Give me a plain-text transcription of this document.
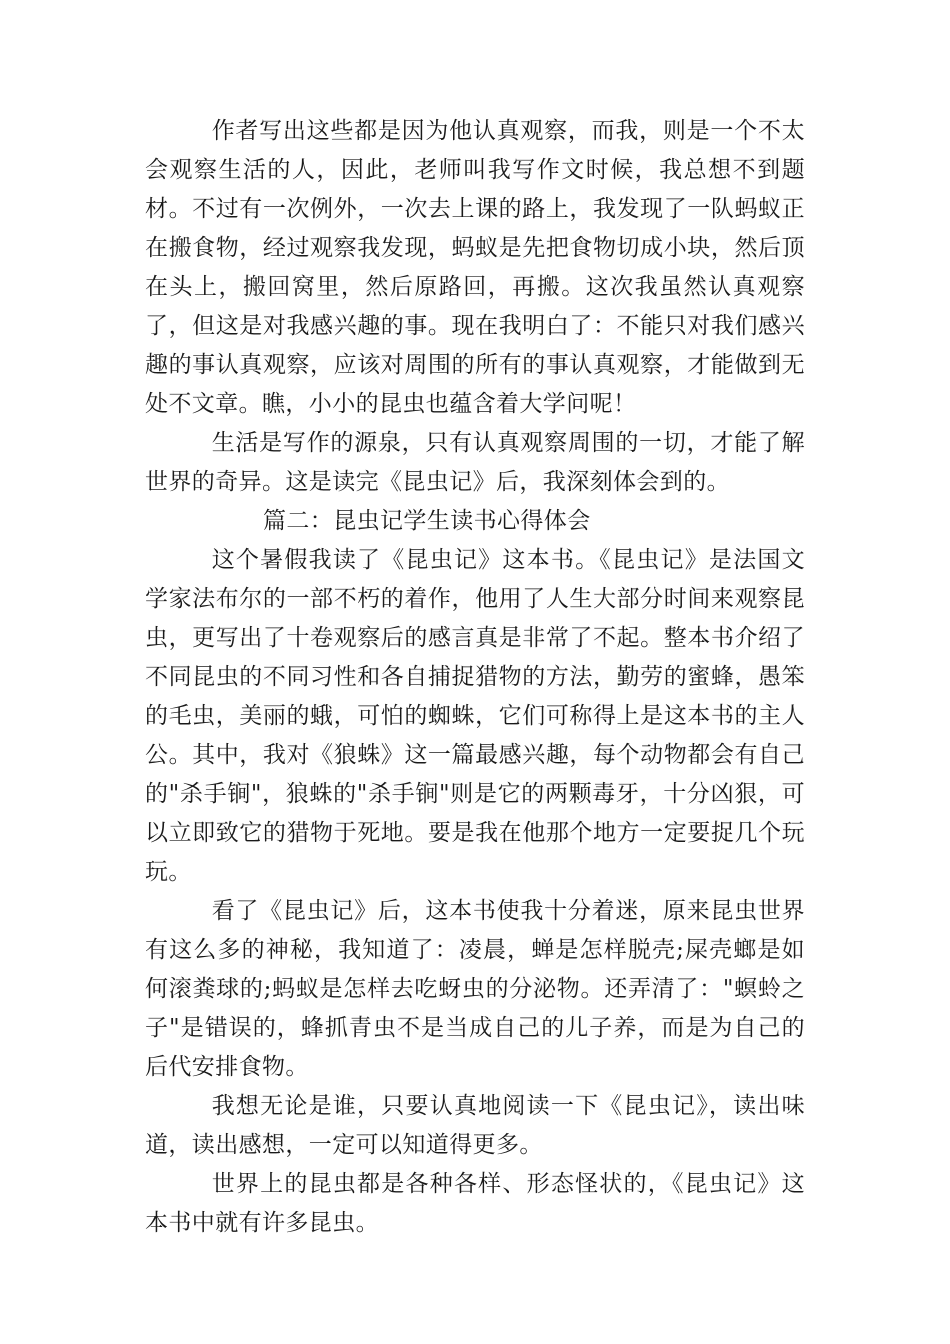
作者写出这些都是因为他认真观察，而我，则是一个不太会观察生活的人，因此，老师叫我写作文时候，我总想不到题材。不过有一次例外，一次去上课的路上，我发现了一队蚂蚁正在搬食物，经过观察我发现，蚂蚁是先把食物切成小块，然后顶在头上，搬回窝里，然后原路回，再搬。这次我虽然认真观察了，但这是对我感兴趣的事。现在我明白了：不能只对我们感兴趣的事认真观察，应该对周围的所有的事认真观察，才能做到无处不文章。瞧，小小的昆虫也蕴含着大学问呢！

生活是写作的源泉，只有认真观察周围的一切，才能了解世界的奇异。这是读完《昆虫记》后，我深刻体会到的。

篇二：昆虫记学生读书心得体会

这个暑假我读了《昆虫记》这本书。《昆虫记》是法国文学家法布尔的一部不朽的着作，他用了人生大部分时间来观察昆虫，更写出了十卷观察后的感言真是非常了不起。整本书介绍了不同昆虫的不同习性和各自捕捉猎物的方法，勤劳的蜜蜂，愚笨的毛虫，美丽的蛾，可怕的蜘蛛，它们可称得上是这本书的主人公。其中，我对《狼蛛》这一篇最感兴趣，每个动物都会有自己的"杀手锏"，狼蛛的"杀手锏"则是它的两颗毒牙，十分凶狠，可以立即致它的猎物于死地。要是我在他那个地方一定要捉几个玩玩。

看了《昆虫记》后，这本书使我十分着迷，原来昆虫世界有这么多的神秘，我知道了：凌晨，蝉是怎样脱壳;屎壳螂是如何滚粪球的;蚂蚁是怎样去吃蚜虫的分泌物。还弄清了："螟蛉之子"是错误的，蜂抓青虫不是当成自己的儿子养，而是为自己的后代安排食物。

我想无论是谁，只要认真地阅读一下《昆虫记》，读出味道，读出感想，一定可以知道得更多。

世界上的昆虫都是各种各样、形态怪状的，《昆虫记》这本书中就有许多昆虫。
